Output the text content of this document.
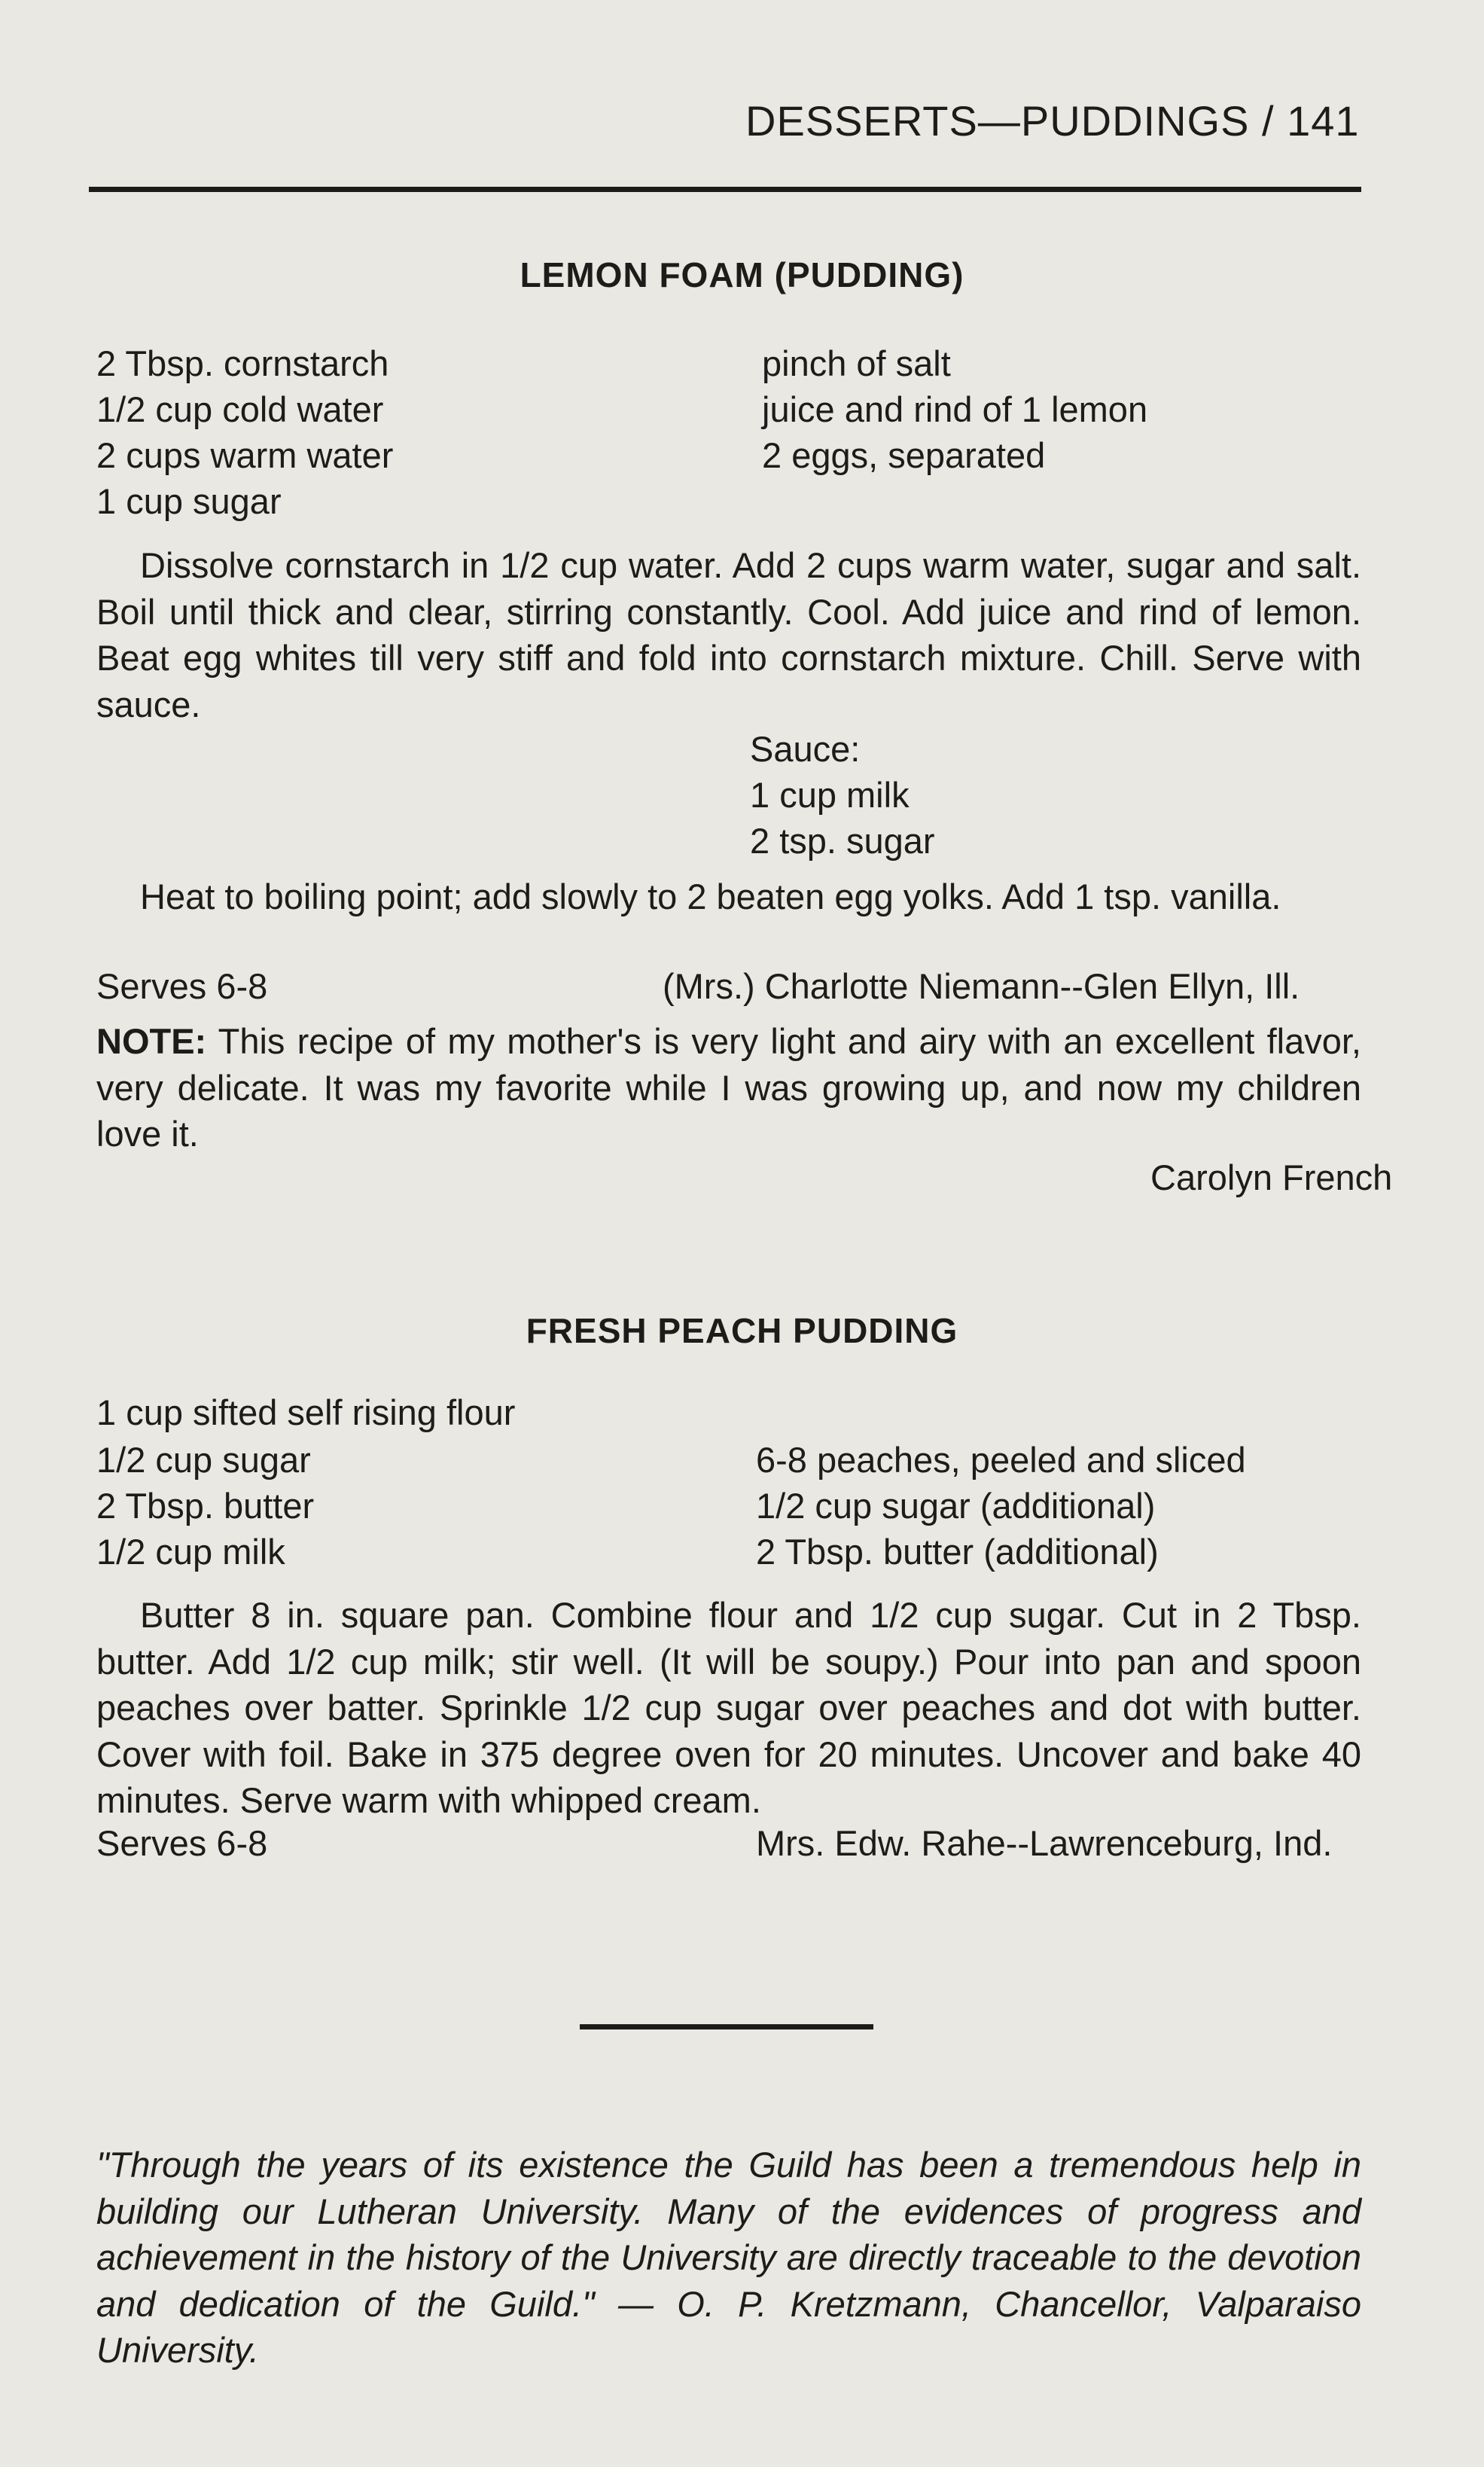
DESSERTS—PUDDINGS / 141
LEMON FOAM (PUDDING)
2 Tbsp. cornstarch
1/2 cup cold water
2 cups warm water
1 cup sugar
pinch of salt
juice and rind of 1 lemon
2 eggs, separated
Dissolve cornstarch in 1/2 cup water. Add 2 cups warm water, sugar and salt. Boil until thick and clear, stirring constantly. Cool. Add juice and rind of lemon. Beat egg whites till very stiff and fold into cornstarch mixture. Chill. Serve with sauce.
Sauce:
1 cup milk
2 tsp. sugar
Heat to boiling point; add slowly to 2 beaten egg yolks. Add 1 tsp. vanilla.
Serves 6-8	(Mrs.) Charlotte Niemann--Glen Ellyn, Ill.
NOTE: This recipe of my mother's is very light and airy with an excellent flavor, very delicate. It was my favorite while I was growing up, and now my children love it.
Carolyn French
FRESH PEACH PUDDING
1 cup sifted self rising flour
1/2 cup sugar
2 Tbsp. butter
1/2 cup milk
6-8 peaches, peeled and sliced
1/2 cup sugar (additional)
2 Tbsp. butter (additional)
Butter 8 in. square pan. Combine flour and 1/2 cup sugar. Cut in 2 Tbsp. butter. Add 1/2 cup milk; stir well. (It will be soupy.) Pour into pan and spoon peaches over batter. Sprinkle 1/2 cup sugar over peaches and dot with butter. Cover with foil. Bake in 375 degree oven for 20 minutes. Uncover and bake 40 minutes. Serve warm with whipped cream.
Serves 6-8	Mrs. Edw. Rahe--Lawrenceburg, Ind.
"Through the years of its existence the Guild has been a tremendous help in building our Lutheran University. Many of the evidences of progress and achievement in the history of the University are directly traceable to the devotion and dedication of the Guild." — O. P. Kretzmann, Chancellor, Valparaiso University.
